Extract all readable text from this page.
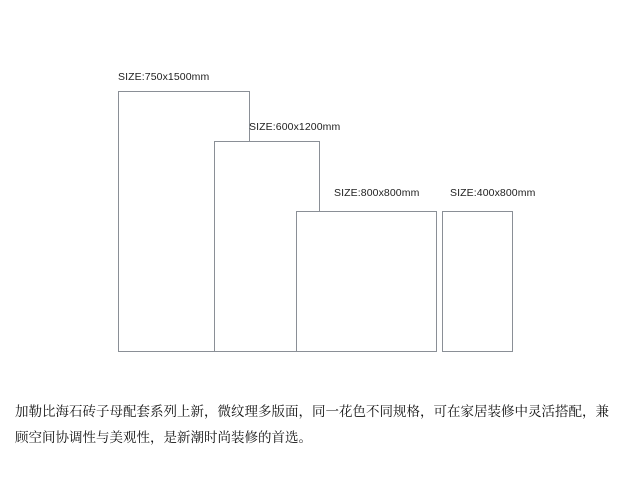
SIZE:750x1500mm
SIZE:600x1200mm
SIZE:800x800mm	SIZE:400x800mm
加勒比海石砖子母配套系列上新，微纹理多版面，同一花色不同规格，可在家居装修中灵活搭配，兼顾空间协调性与美观性，是新潮时尚装修的首选。
